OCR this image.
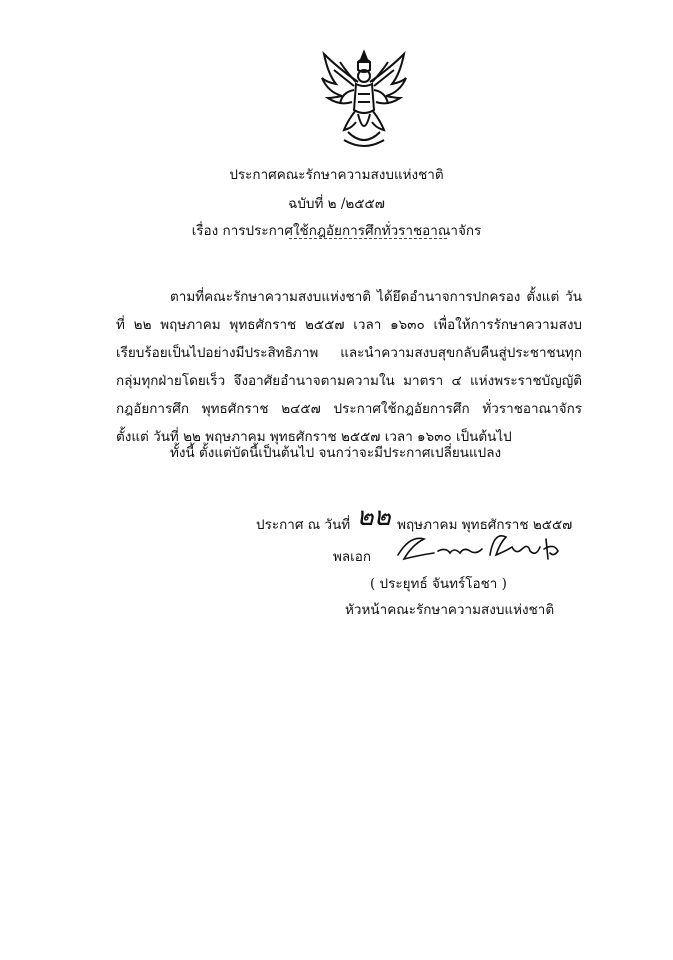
ประกาศคณะรักษาความสงบแห่งชาติ
ฉบับที่ ๒ /๒๕๕๗
เรื่อง การประกาศใช้กฎอัยการศึกทั่วราชอาณาจักร
ตามที่คณะรักษาความสงบแห่งชาติ ได้ยึดอำนาจการปกครอง ตั้งแต่ วันที่ ๒๒ พฤษภาคม พุทธศักราช ๒๕๕๗ เวลา ๑๖๓๐ เพื่อให้การรักษาความสงบเรียบร้อยเป็นไปอย่างมีประสิทธิภาพ และนำความสงบสุขกลับคืนสู่ประชาชนทุกกลุ่มทุกฝ่ายโดยเร็ว จึงอาศัยอำนาจตามความใน มาตรา ๔ แห่งพระราชบัญญัติกฎอัยการศึก พุทธศักราช ๒๔๕๗ ประกาศใช้กฎอัยการศึก ทั่วราชอาณาจักร ตั้งแต่ วันที่ ๒๒ พฤษภาคม พุทธศักราช ๒๕๕๗ เวลา ๑๖๓๐ เป็นต้นไป
ทั้งนี้ ตั้งแต่บัดนี้เป็นต้นไป จนกว่าจะมีประกาศเปลี่ยนแปลง
ประกาศ ณ วันที่ ๒๒ พฤษภาคม พุทธศักราช ๒๕๕๗
พลเอก
( ประยุทธ์ จันทร์โอชา )
หัวหน้าคณะรักษาความสงบแห่งชาติ
